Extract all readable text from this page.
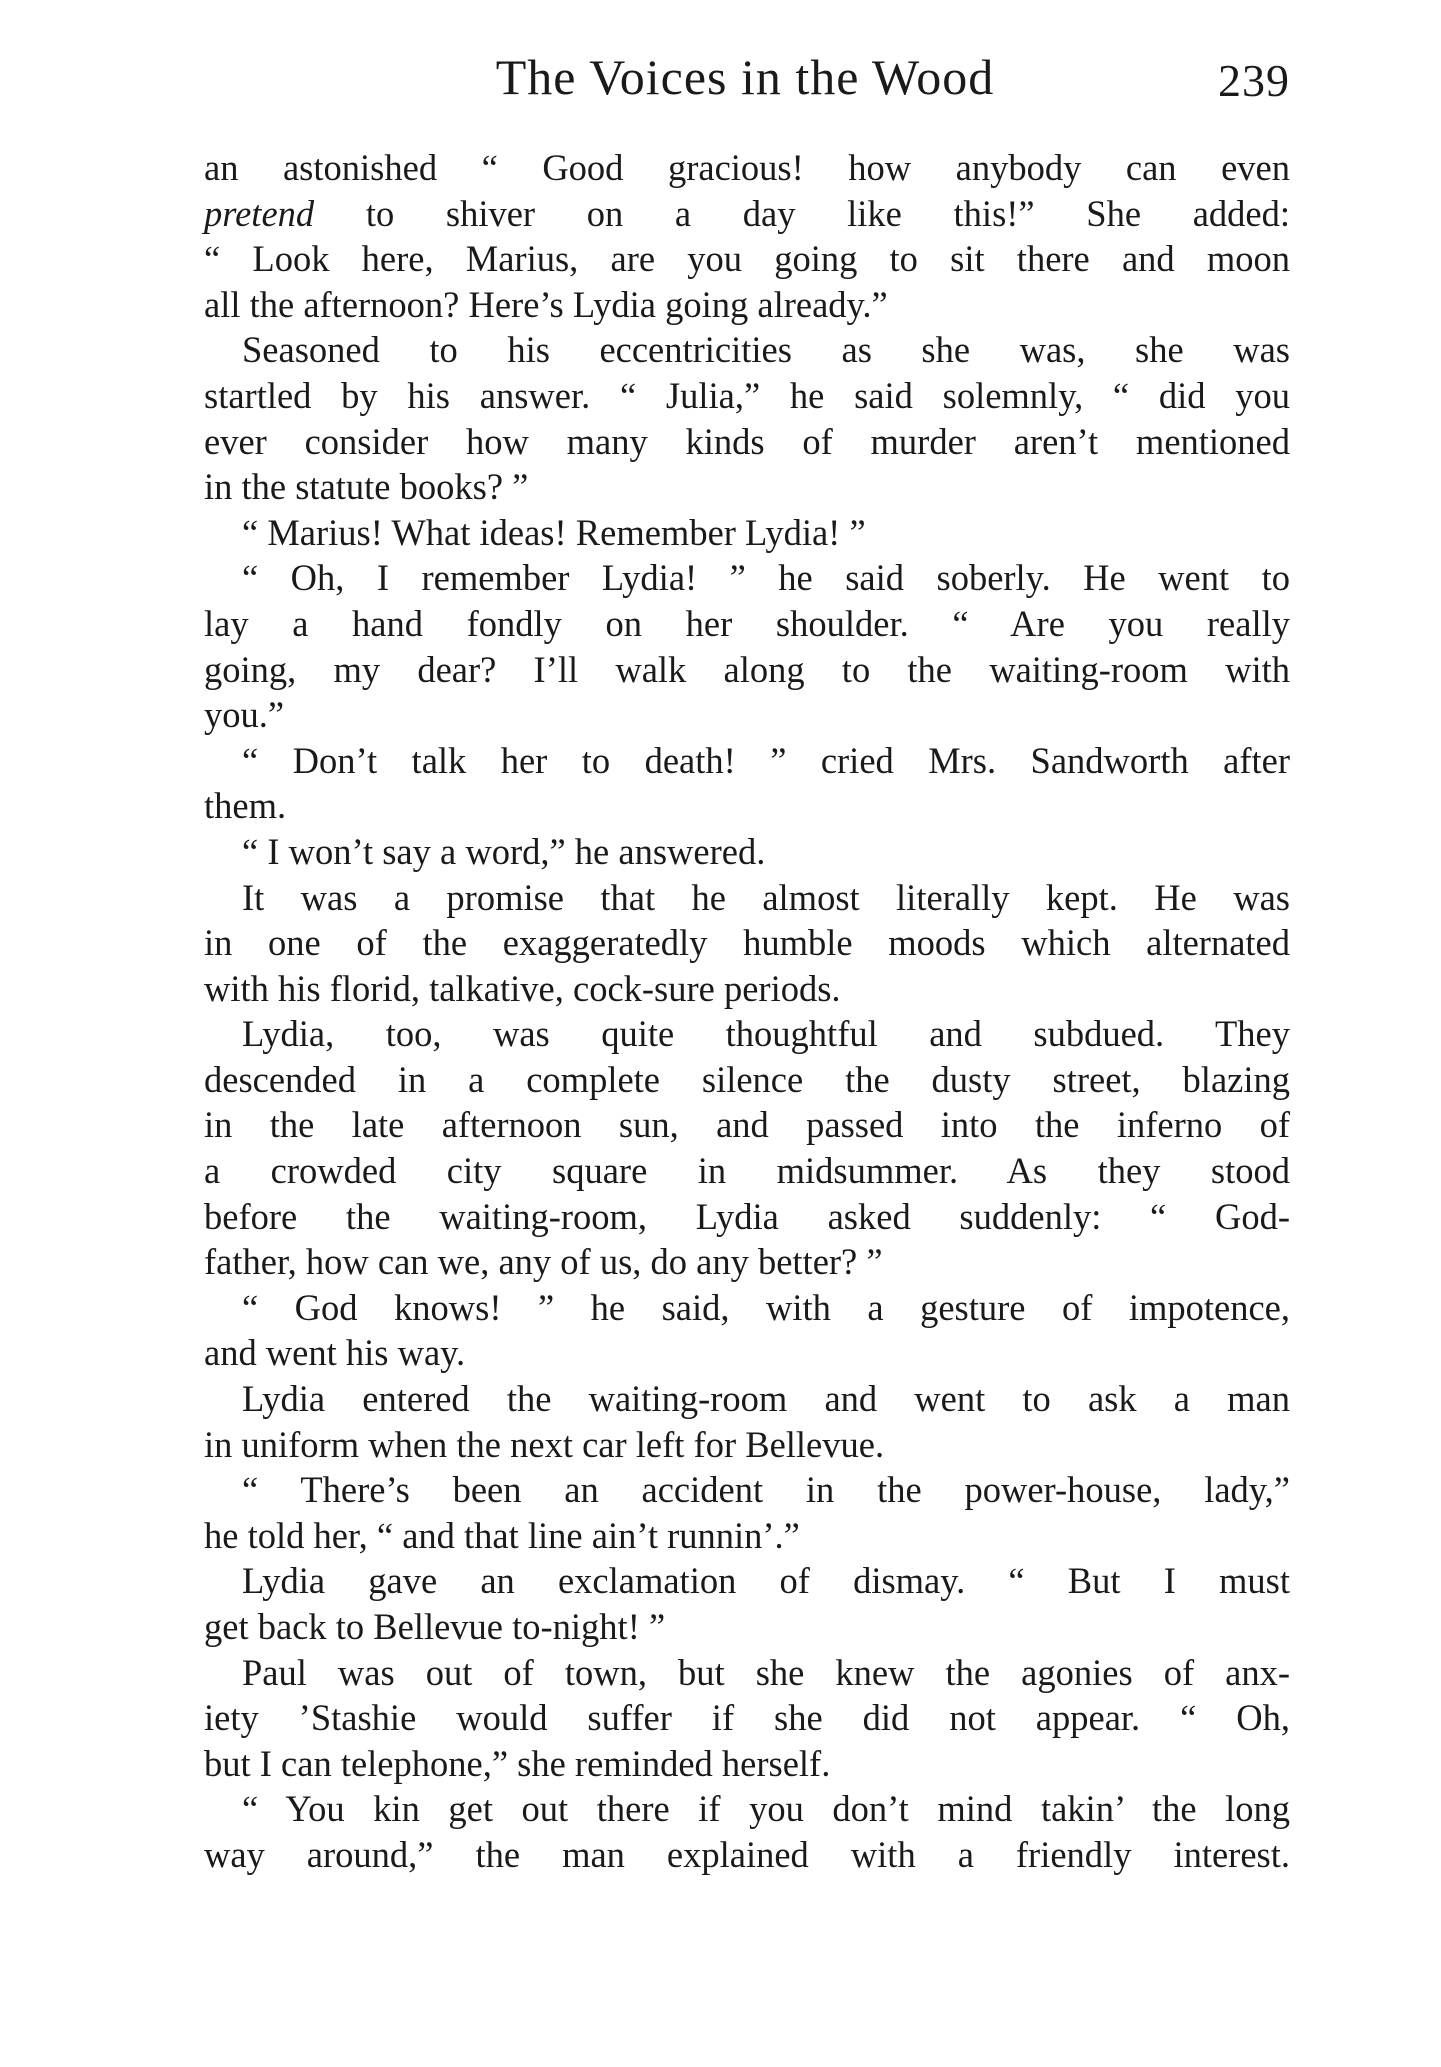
The Voices in the Wood	239
an astonished “ Good gracious! how anybody can even
pretend to shiver on a day like this!” She added:
“ Look here, Marius, are you going to sit there and moon
all the afternoon? Here’s Lydia going already.”
Seasoned to his eccentricities as she was, she was
startled by his answer. “ Julia,” he said solemnly, “ did you
ever consider how many kinds of murder aren’t mentioned
in the statute books? ”
“ Marius! What ideas! Remember Lydia! ”
“ Oh, I remember Lydia! ” he said soberly. He went to
lay a hand fondly on her shoulder. “ Are you really
going, my dear? I’ll walk along to the waiting-room with
you.”
“ Don’t talk her to death! ” cried Mrs. Sandworth after
them.
“ I won’t say a word,” he answered.
It was a promise that he almost literally kept. He was
in one of the exaggeratedly humble moods which alternated
with his florid, talkative, cock-sure periods.
Lydia, too, was quite thoughtful and subdued. They
descended in a complete silence the dusty street, blazing
in the late afternoon sun, and passed into the inferno of
a crowded city square in midsummer. As they stood
before the waiting-room, Lydia asked suddenly: “ God-
father, how can we, any of us, do any better? ”
“ God knows! ” he said, with a gesture of impotence,
and went his way.
Lydia entered the waiting-room and went to ask a man
in uniform when the next car left for Bellevue.
“ There’s been an accident in the power-house, lady,”
he told her, “ and that line ain’t runnin’.”
Lydia gave an exclamation of dismay. “ But I must
get back to Bellevue to-night! ”
Paul was out of town, but she knew the agonies of anx-
iety ’Stashie would suffer if she did not appear. “ Oh,
but I can telephone,” she reminded herself.
“ You kin get out there if you don’t mind takin’ the long
way around,” the man explained with a friendly interest.
